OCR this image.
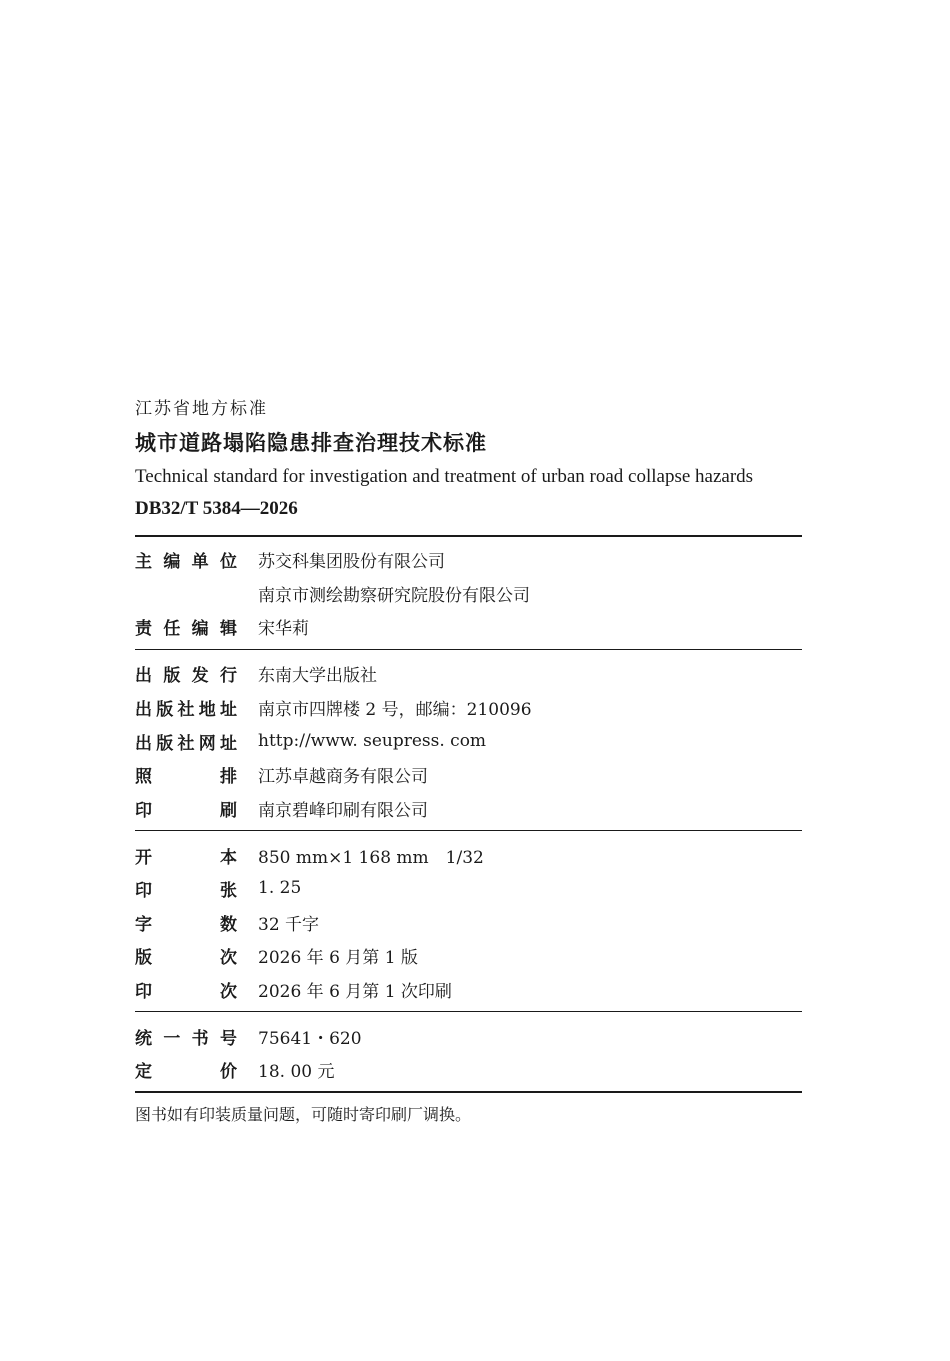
江苏省地方标准
城市道路塌陷隐患排查治理技术标准
Technical standard for investigation and treatment of urban road collapse hazards
DB32/T 5384—2026
主 编 单 位 苏交科集团股份有限公司
南京市测绘勘察研究院股份有限公司
责 任 编 辑 宋华莉
出 版 发 行 东南大学出版社
出 版 社 地 址 南京市四牌楼 2 号，邮编：210096
出 版 社 网 址 http://www. seupress. com
照	排 江苏卓越商务有限公司
印	刷 南京碧峰印刷有限公司
开	本 850 mm×1 168 mm　1/32
印	张 1. 25
字	数 32 千字
版	次 2026 年 6 月第 1 版
印	次 2026 年 6 月第 1 次印刷
统 一 书 号 75641・620
定	价 18. 00 元
图书如有印装质量问题，可随时寄印刷厂调换。
